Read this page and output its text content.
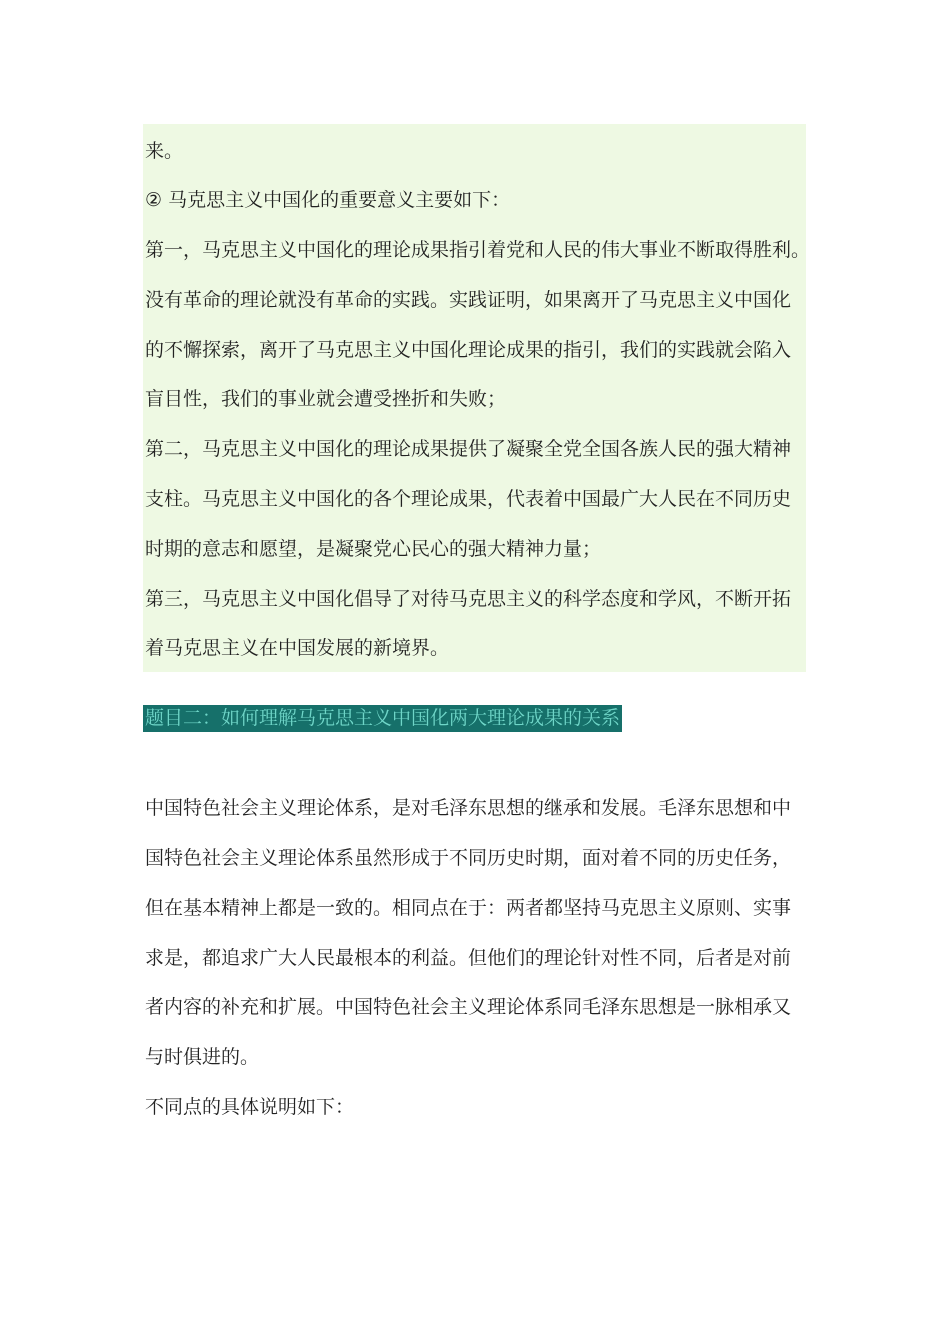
来。
② 马克思主义中国化的重要意义主要如下：
第一，马克思主义中国化的理论成果指引着党和人民的伟大事业不断取得胜利。
没有革命的理论就没有革命的实践。实践证明，如果离开了马克思主义中国化
的不懈探索，离开了马克思主义中国化理论成果的指引，我们的实践就会陷入
盲目性，我们的事业就会遭受挫折和失败；
第二，马克思主义中国化的理论成果提供了凝聚全党全国各族人民的强大精神
支柱。马克思主义中国化的各个理论成果，代表着中国最广大人民在不同历史
时期的意志和愿望，是凝聚党心民心的强大精神力量；
第三，马克思主义中国化倡导了对待马克思主义的科学态度和学风，不断开拓
着马克思主义在中国发展的新境界。
题目二：如何理解马克思主义中国化两大理论成果的关系
中国特色社会主义理论体系，是对毛泽东思想的继承和发展。毛泽东思想和中
国特色社会主义理论体系虽然形成于不同历史时期，面对着不同的历史任务，
但在基本精神上都是一致的。相同点在于：两者都坚持马克思主义原则、实事
求是，都追求广大人民最根本的利益。但他们的理论针对性不同，后者是对前
者内容的补充和扩展。中国特色社会主义理论体系同毛泽东思想是一脉相承又
与时俱进的。
不同点的具体说明如下：
